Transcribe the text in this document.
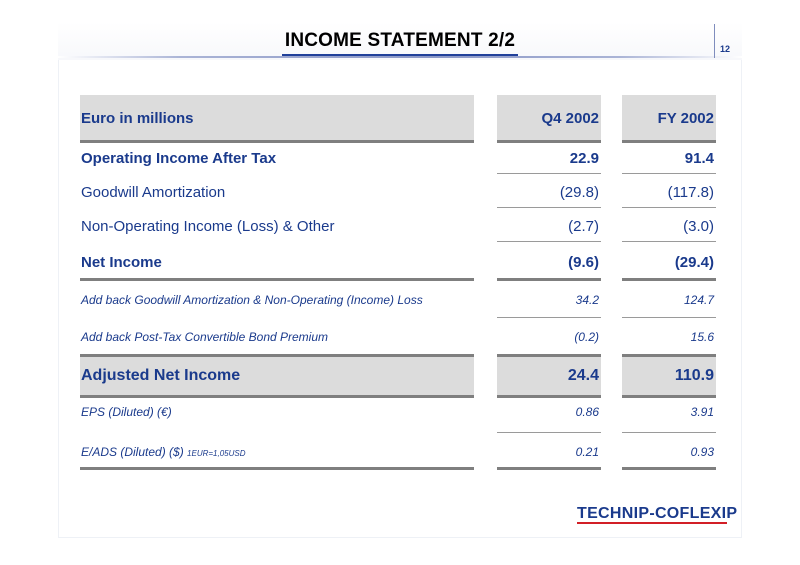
INCOME STATEMENT 2/2	12
Euro in millions	Q4 2002	FY 2002
Operating Income After Tax	22.9	91.4
Goodwill Amortization	(29.8)	(117.8)
Non-Operating Income (Loss) & Other	(2.7)	(3.0)
Net Income	(9.6)	(29.4)
Add back Goodwill Amortization & Non-Operating (Income) Loss	34.2	124.7
Add back Post-Tax Convertible Bond Premium	(0.2)	15.6
Adjusted Net Income	24.4	110.9
EPS (Diluted) (€)	0.86	3.91
E/ADS (Diluted) ($) 1EUR=1,05USD	0.21	0.93
TECHNIP-COFLEXIP
